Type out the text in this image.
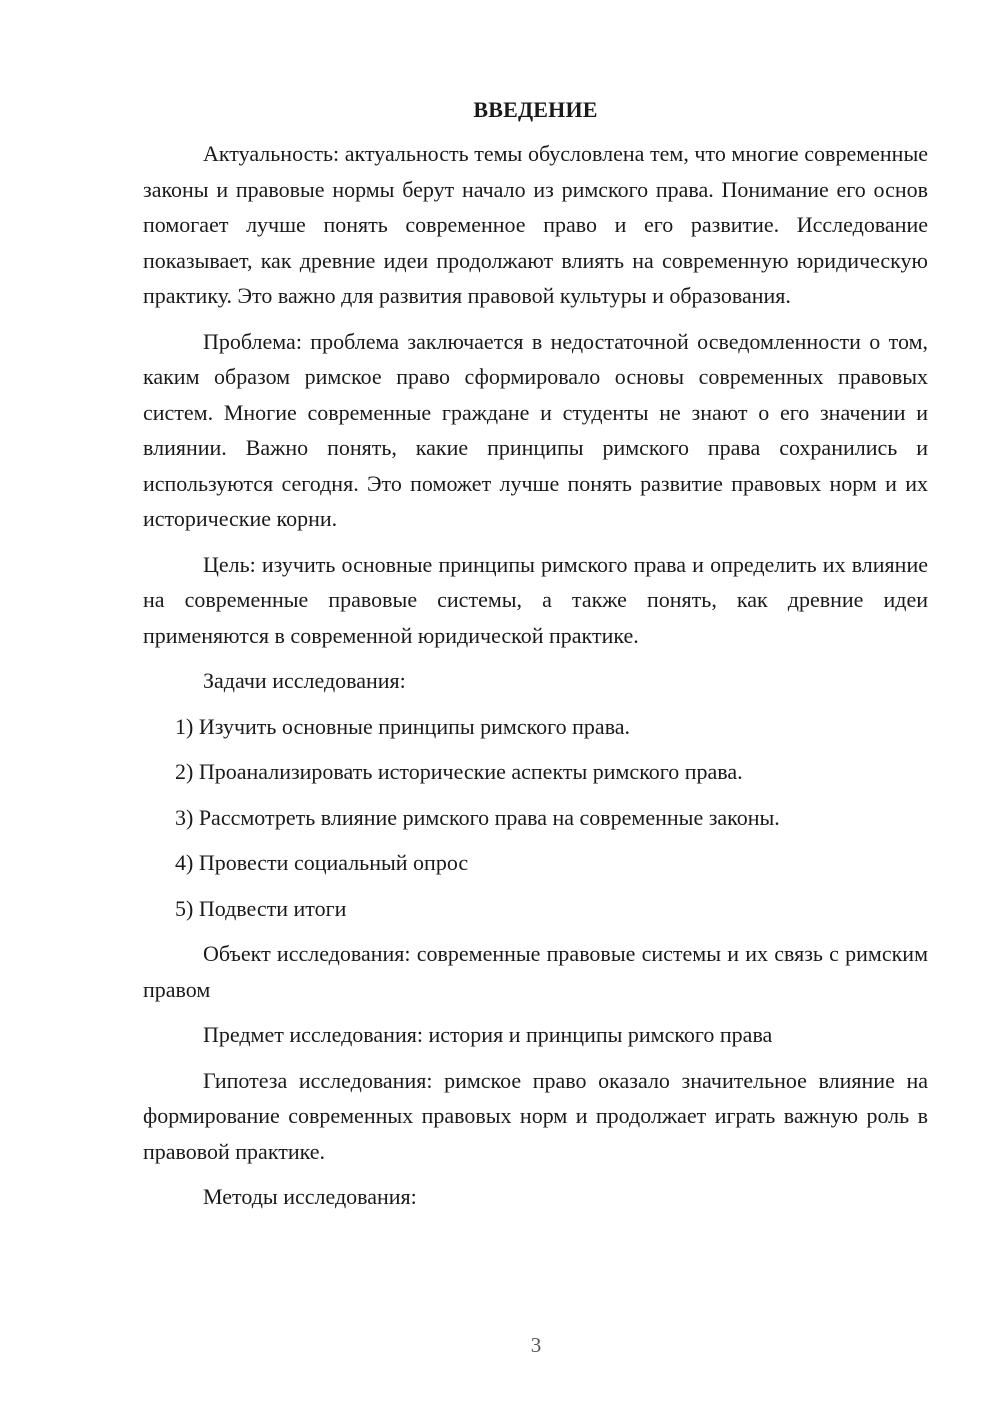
ВВЕДЕНИЕ

Актуальность: актуальность темы обусловлена тем, что многие современные законы и правовые нормы берут начало из римского права. Понимание его основ помогает лучше понять современное право и его развитие. Исследование показывает, как древние идеи продолжают влиять на современную юридическую практику. Это важно для развития правовой культуры и образования.

Проблема: проблема заключается в недостаточной осведомленности о том, каким образом римское право сформировало основы современных правовых систем. Многие современные граждане и студенты не знают о его значении и влиянии. Важно понять, какие принципы римского права сохранились и используются сегодня. Это поможет лучше понять развитие правовых норм и их исторические корни.

Цель: изучить основные принципы римского права и определить их влияние на современные правовые системы, а также понять, как древние идеи применяются в современной юридической практике.

Задачи исследования:

1) Изучить основные принципы римского права.
2) Проанализировать исторические аспекты римского права.
3) Рассмотреть влияние римского права на современные законы.
4) Провести социальный опрос
5) Подвести итоги

Объект исследования: современные правовые системы и их связь с римским правом

Предмет исследования: история и принципы римского права

Гипотеза исследования: римское право оказало значительное влияние на формирование современных правовых норм и продолжает играть важную роль в правовой практике.

Методы исследования:

3
